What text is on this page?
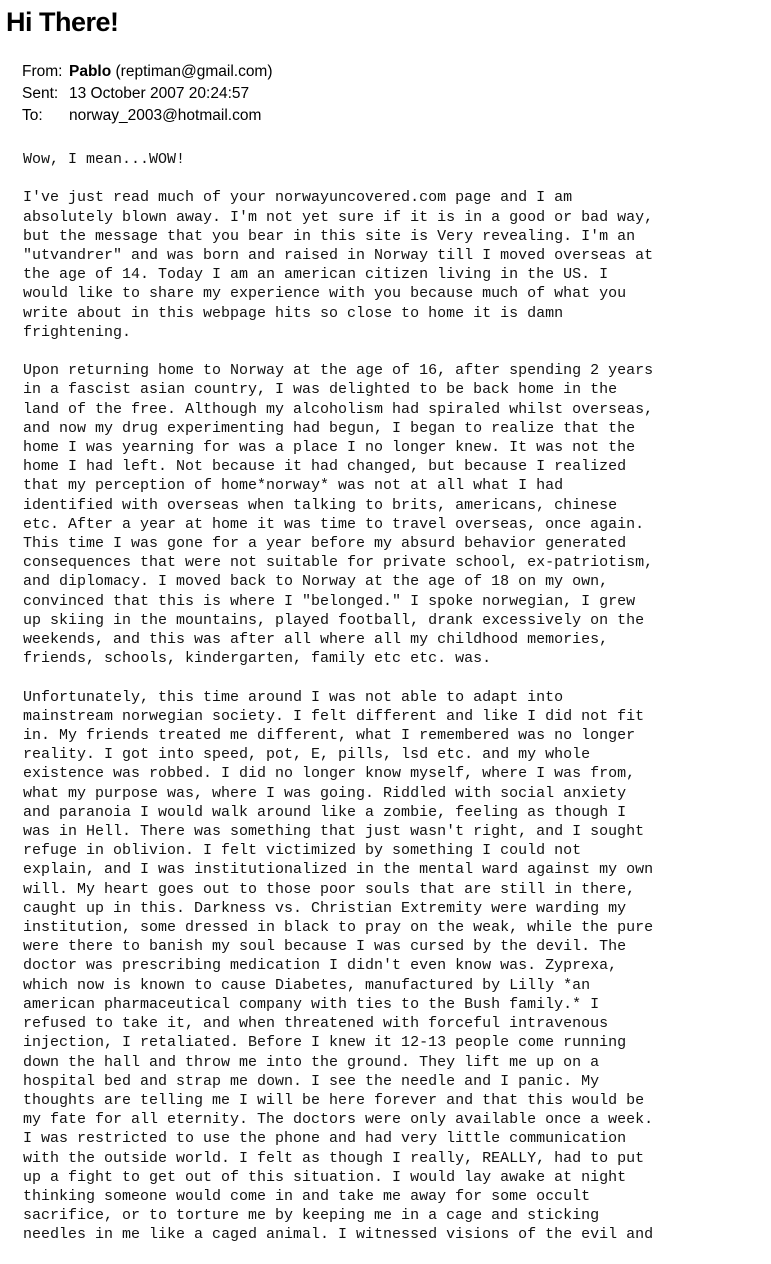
Hi There!
From: Pablo
(reptiman@gmail.com)
Sent: 13 October 2007 20:24:57
To:	norway_2003@hotmail.com

Wow, I mean...WOW!

I've just read much of your norwayuncovered.com page and I am
absolutely blown away. I'm not yet sure if it is in a good or bad way,
but the message that you bear in this site is Very revealing. I'm an
"utvandrer" and was born and raised in Norway till I moved overseas at
the age of 14. Today I am an american citizen living in the US. I
would like to share my experience with you because much of what you
write about in this webpage hits so close to home it is damn
frightening.

Upon returning home to Norway at the age of 16, after spending 2 years
in a fascist asian country, I was delighted to be back home in the
land of the free. Although my alcoholism had spiraled whilst overseas,
and now my drug experimenting had begun, I began to realize that the
home I was yearning for was a place I no longer knew. It was not the
home I had left. Not because it had changed, but because I realized
that my perception of home*norway* was not at all what I had
identified with overseas when talking to brits, americans, chinese
etc. After a year at home it was time to travel overseas, once again.
This time I was gone for a year before my absurd behavior generated
consequences that were not suitable for private school, ex-patriotism,
and diplomacy. I moved back to Norway at the age of 18 on my own,
convinced that this is where I "belonged." I spoke norwegian, I grew
up skiing in the mountains, played football, drank excessively on the
weekends, and this was after all where all my childhood memories,
friends, schools, kindergarten, family etc etc. was.

Unfortunately, this time around I was not able to adapt into
mainstream norwegian society. I felt different and like I did not fit
in. My friends treated me different, what I remembered was no longer
reality. I got into speed, pot, E, pills, lsd etc. and my whole
existence was robbed. I did no longer know myself, where I was from,
what my purpose was, where I was going. Riddled with social anxiety
and paranoia I would walk around like a zombie, feeling as though I
was in Hell. There was something that just wasn't right, and I sought
refuge in oblivion. I felt victimized by something I could not
explain, and I was institutionalized in the mental ward against my own
will. My heart goes out to those poor souls that are still in there,
caught up in this. Darkness vs. Christian Extremity were warding my
institution, some dressed in black to pray on the weak, while the pure
were there to banish my soul because I was cursed by the devil. The
doctor was prescribing medication I didn't even know was. Zyprexa,
which now is known to cause Diabetes, manufactured by Lilly *an
american pharmaceutical company with ties to the Bush family.* I
refused to take it, and when threatened with forceful intravenous
injection, I retaliated. Before I knew it 12-13 people come running
down the hall and throw me into the ground. They lift me up on a
hospital bed and strap me down. I see the needle and I panic. My
thoughts are telling me I will be here forever and that this would be
my fate for all eternity. The doctors were only available once a week.
I was restricted to use the phone and had very little communication
with the outside world. I felt as though I really, REALLY, had to put
up a fight to get out of this situation. I would lay awake at night
thinking someone would come in and take me away for some occult
sacrifice, or to torture me by keeping me in a cage and sticking
needles in me like a caged animal. I witnessed visions of the evil and
